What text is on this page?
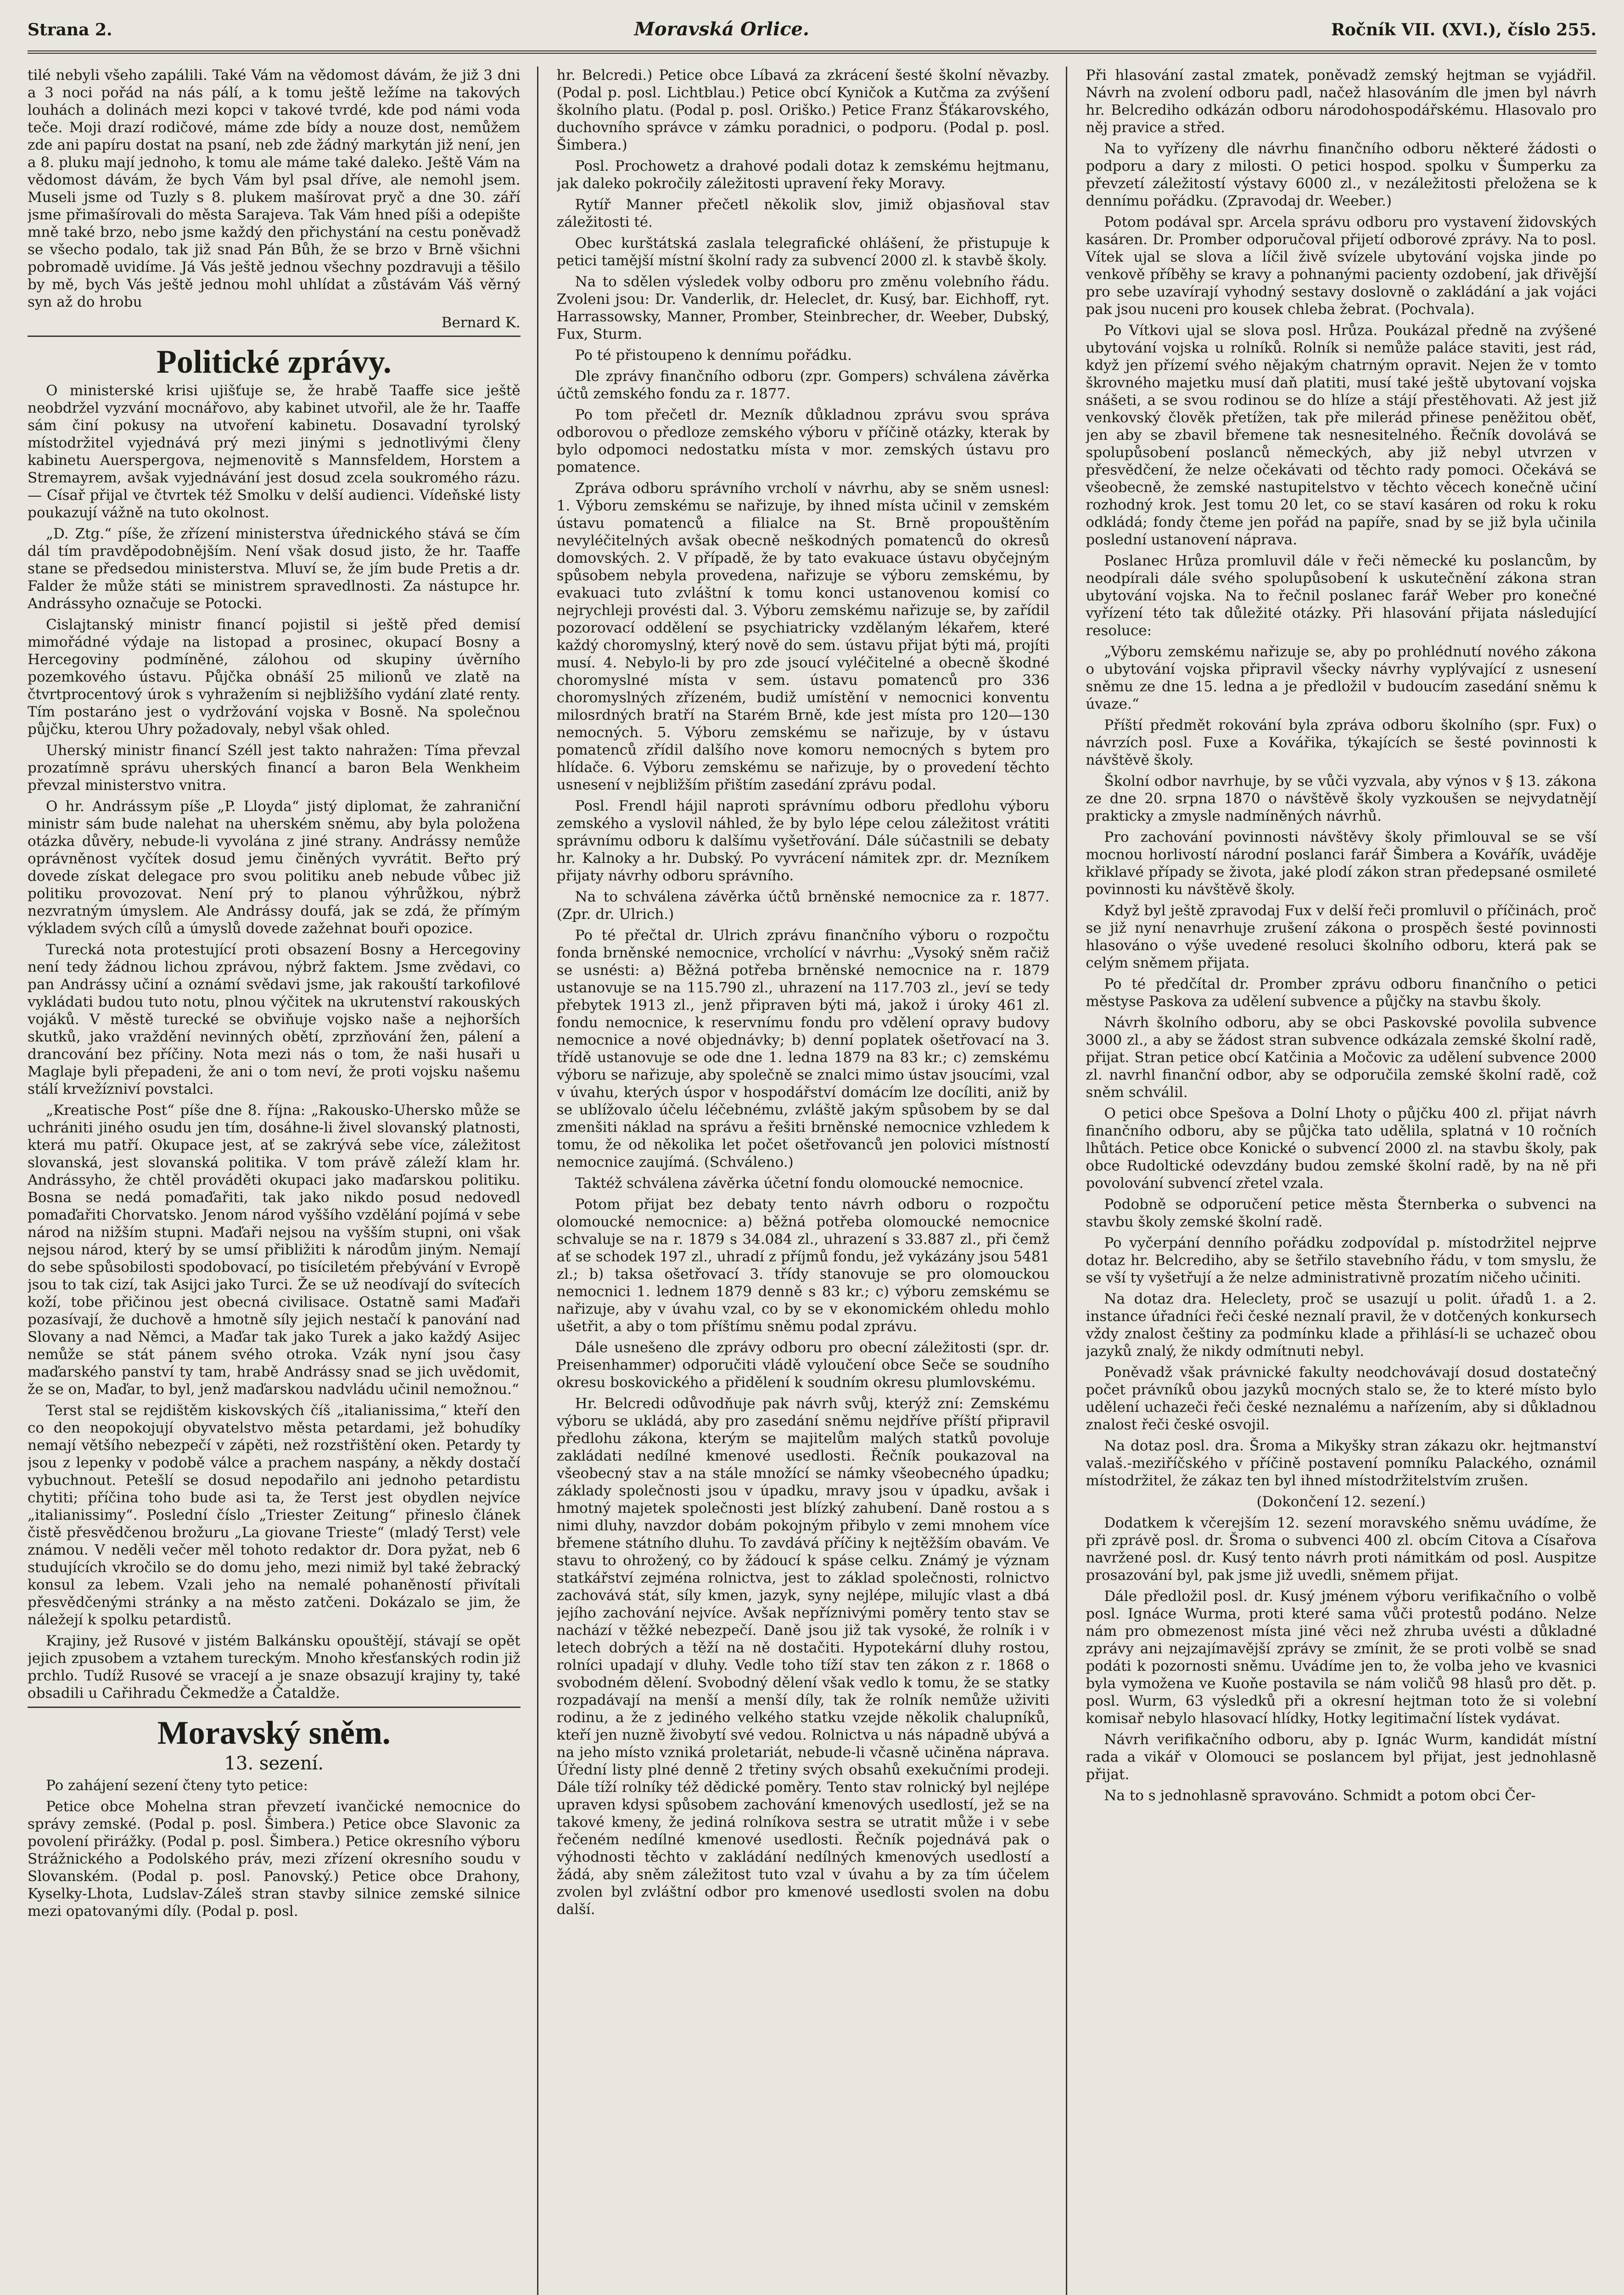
Strana 2.	Moravská Orlice.	Ročník VII. (XVI.), číslo 255.

tilé nebyli všeho zapálili. Také Vám na vědomost dávám, že již 3 dni a 3 noci pořád na nás pálí, a k tomu ještě ležíme na takových louhách a dolinách mezi kopci v takové tvrdé, kde pod námi voda teče. Moji drazí rodičové, máme zde bídy a nouze dost, nemůžem zde ani papíru dostat na psaní, neb zde žádný markytán již není, jen a 8. pluku mají jednoho, k tomu ale máme také daleko. Ještě Vám na vědomost dávám, že bych Vám byl psal dříve, ale nemohl jsem. Museli jsme od Tuzly s 8. plukem mašírovat pryč a dne 30. září jsme přimašírovali do města Sarajeva. Tak Vám hned píši a odepište mně také brzo, nebo jsme každý den přichystání na cestu poněvadž se všecho podalo, tak již snad Pán Bůh, že se brzo v Brně všichni pobromadě uvidíme. Já Vás ještě jednou všechny pozdravuji a těšilo by mě, bych Vás ještě jednou mohl uhlídat a zůstávám Váš věrný syn až do hrobu

Bernard K.

Politické zprávy.

O ministerské krisi ujišťuje se, že hrabě Taaffe sice ještě neobdržel vyzvání mocnářovo, aby kabinet utvořil, ale že hr. Taaffe sám činí pokusy na utvoření kabinetu. Dosavadní tyrolský místodržitel vyjednává prý mezi jinými s jednotlivými členy kabinetu Auerspergova, nejmenovitě s Mannsfeldem, Horstem a Stremayrem, avšak vyjednávání jest dosud zcela soukromého rázu. — Císař přijal ve čtvrtek též Smolku v delší audienci. Vídeňské listy poukazují vážně na tuto okolnost.

„D. Ztg.“ píše, že zřízení ministerstva úřednického stává se čím dál tím pravděpodobnějším. Není však dosud jisto, že hr. Taaffe stane se předsedou ministerstva. Mluví se, že jím bude Pretis a dr. Falder že může státi se ministrem spravedlnosti. Za nástupce hr. Andrássyho označuje se Potocki.

Cislajtanský ministr financí pojistil si ještě před demisí mimořádné výdaje na listopad a prosinec, okupací Bosny a Hercegoviny podmíněné, zálohou od skupiny úvěrního pozemkového ústavu. Půjčka obnáší 25 milionů ve zlatě na čtvrtprocentový úrok s vyhražením si nejbližšího vydání zlaté renty. Tím postaráno jest o vydržování vojska v Bosně. Na společnou půjčku, kterou Uhry požadovaly, nebyl však ohled.

Uherský ministr financí Széll jest takto nahražen: Tíma převzal prozatímně správu uherských financí a baron Bela Wenkheim převzal ministerstvo vnitra.

O hr. Andrássym píše „P. Lloyda“ jistý diplomat, že zahraniční ministr sám bude nalehat na uherském sněmu, aby byla položena otázka důvěry, nebude-li vyvolána z jiné strany. Andrássy nemůže oprávněnost vyčítek dosud jemu činěných vyvrátit. Beřto prý dovede získat delegace pro svou politiku aneb nebude vůbec již politiku provozovat. Není prý to planou výhrůžkou, nýbrž nezvratným úmyslem. Ale Andrássy doufá, jak se zdá, že přímým výkladem svých cílů a úmyslů dovede zažehnat bouři opozice.

Turecká nota protestující proti obsazení Bosny a Hercegoviny není tedy žádnou lichou zprávou, nýbrž faktem. Jsme zvědavi, co pan Andrássy učiní a oznámí svědavi jsme, jak rakouští tarkofilové vykládati budou tuto notu, plnou výčitek na ukrutenství rakouských vojáků. V městě turecké se obviňuje vojsko naše a nejhorších skutků, jako vraždění nevinných obětí, zprzňování žen, pálení a drancování bez příčiny. Nota mezi nás o tom, že naši husaři u Maglaje byli přepadeni, že ani o tom neví, že proti vojsku našemu stálí krvežízniví povstalci.

„Kreatische Post“ píše dne 8. října: „Rakousko-Uhersko může se uchrániti jiného osudu jen tím, dosáhne-li živel slovanský platnosti, která mu patří. Okupace jest, ať se zakrývá sebe více, záležitost slovanská, jest slovanská politika. V tom právě záleží klam hr. Andrássyho, že chtěl prováděti okupaci jako maďarskou politiku. Bosna se nedá pomaďařiti, tak jako nikdo posud nedovedl pomaďařiti Chorvatsko. Jenom národ vyššího vzdělání pojímá v sebe národ na nižším stupni. Maďaři nejsou na vyšším stupni, oni však nejsou národ, který by se umsí přibližiti k národům jiným. Nemají do sebe spůsobilosti spodobovací, po tisíciletém přebývání v Evropě jsou to tak cizí, tak Asijci jako Turci. Že se už neodívají do svítecích koží, tobe přičinou jest obecná civilisace. Ostatně sami Maďaři pozasívají, že duchově a hmotně síly jejich nestačí k panování nad Slovany a nad Němci, a Maďar tak jako Turek a jako každý Asijec nemůže se stát pánem svého otroka. Vzák nyní jsou časy maďarského panství ty tam, hrabě Andrássy snad se jich uvědomit, že se on, Maďar, to byl, jenž maďarskou nadvládu učinil nemožnou.“

Terst stal se rejdištěm kiskovských číš „italianissima,“ kteří den co den neopokojují obyvatelstvo města petardami, jež bohudíky nemají většího nebezpečí v zápěti, než rozstřištění oken. Petardy ty jsou z lepenky v podobě válce a prachem naspány, a někdy dostačí vybuchnout. Petešlí se dosud nepodařilo ani jednoho petardistu chytiti; příčina toho bude asi ta, že Terst jest obydlen nejvíce „italianissimy“. Poslední číslo „Triester Zeitung“ přineslo článek čistě přesvědčenou brožuru „La giovane Trieste“ (mladý Terst) vele známou. V neděli večer měl tohoto redaktor dr. Dora pyžat, neb 6 studujících vkročilo se do domu jeho, mezi nimiž byl také žebracký konsul za lebem. Vzali jeho na nemalé pohaněností přivítali přesvědčenými stránky a na město zatčeni. Dokázalo se jim, že náležejí k spolku petardistů.

Krajiny, jež Rusové v jistém Balkánsku opouštějí, stávají se opět jejich zpusobem a vztahem tureckým. Mnoho křesťanských rodin již prchlo. Tudíž Rusové se vracejí a je snaze obsazují krajiny ty, také obsadili u Cařihradu Čekmedže a Čataldže.

Moravský sněm.
13. sezení.

Po zahájení sezení čteny tyto petice:

Petice obce Mohelna stran převzetí ivančické nemocnice do správy zemské. (Podal p. posl. Šimbera.) Petice obce Slavonic za povolení přirážky. (Podal p. posl. Šimbera.) Petice okresního výboru Strážnického a Podolského práv, mezi zřízení okresního soudu v Slovanském. (Podal p. posl. Panovský.) Petice obce Drahony, Kyselky-Lhota, Ludslav-Záleš stran stavby silnice zemské silnice mezi opatovanými díly. (Podal p. posl.

hr. Belcredi.) Petice obce Líbavá za zkrácení šesté školní něvazby. (Podal p. posl. Lichtblau.) Petice obcí Kyničok a Kutčma za zvýšení školního platu. (Podal p. posl. Oriško.) Petice Franz Šťákarovského, duchovního správce v zámku poradnici, o podporu. (Podal p. posl. Šimbera.)

Posl. Prochowetz a drahové podali dotaz k zemskému hejtmanu, jak daleko pokročily záležitosti upravení řeky Moravy.

Rytíř Manner přečetl několik slov, jimiž objasňoval stav záležitosti té.

Obec kurštátská zaslala telegrafické ohlášení, že přistupuje k petici tamější místní školní rady za subvencí 2000 zl. k stavbě školy.

Na to sdělen výsledek volby odboru pro změnu volebního řádu. Zvoleni jsou: Dr. Vanderlik, dr. Heleclet, dr. Kusý, bar. Eichhoff, ryt. Harrassowsky, Manner, Promber, Steinbrecher, dr. Weeber, Dubský, Fux, Sturm.

Po té přistoupeno k dennímu pořádku.

Dle zprávy finančního odboru (zpr. Gompers) schválena závěrka účtů zemského fondu za r. 1877.

Po tom přečetl dr. Mezník důkladnou zprávu svou správa odborovou o předloze zemského výboru v příčině otázky, kterak by bylo odpomoci nedostatku místa v mor. zemských ústavu pro pomatence.

Zpráva odboru správního vrcholí v návrhu, aby se sněm usnesl: 1. Výboru zemskému se nařizuje, by ihned místa učinil v zemském ústavu pomatenců a filialce na St. Brně propouštěním nevyléčitelných avšak obecně neškodných pomatenců do okresů domovských. 2. V případě, že by tato evakuace ústavu obyčejným spůsobem nebyla provedena, nařizuje se výboru zemskému, by evakuaci tuto zvláštní k tomu konci ustanovenou komisí co nejrychleji provésti dal. 3. Výboru zemskému nařizuje se, by zařídil pozorovací oddělení se psychiatricky vzdělaným lékařem, které každý choromyslný, který nově do sem. ústavu přijat býti má, projíti musí. 4. Nebylo-li by pro zde jsoucí vyléčitelné a obecně škodné choromyslné místa v sem. ústavu pomatenců pro 336 choromyslných zřízeném, budiž umístění v nemocnici konventu milosrdných bratří na Starém Brně, kde jest místa pro 120—130 nemocných. 5. Výboru zemskému se nařizuje, by v ústavu pomatenců zřídil dalšího nove komoru nemocných s bytem pro hlídače. 6. Výboru zemskému se nařizuje, by o provedení těchto usnesení v nejbližším přištím zasedání zprávu podal.

Posl. Frendl hájil naproti správnímu odboru předlohu výboru zemského a vyslovil náhled, že by bylo lépe celou záležitost vrátiti správnímu odboru k dalšímu vyšetřování. Dále súčastnili se debaty hr. Kalnoky a hr. Dubský. Po vyvrácení námitek zpr. dr. Mezníkem přijaty návrhy odboru správního.

Na to schválena závěrka účtů brněnské nemocnice za r. 1877. (Zpr. dr. Ulrich.)

Po té přečtal dr. Ulrich zprávu finančního výboru o rozpočtu fonda brněnské nemocnice, vrcholící v návrhu: „Vysoký sněm račiž se usnésti: a) Běžná potřeba brněnské nemocnice na r. 1879 ustanovuje se na 115.790 zl., uhrazení na 117.703 zl., jeví se tedy přebytek 1913 zl., jenž připraven býti má, jakož i úroky 461 zl. fondu nemocnice, k reservnímu fondu pro vdělení opravy budovy nemocnice a nové objednávky; b) denní poplatek ošetřovací na 3. třídě ustanovuje se ode dne 1. ledna 1879 na 83 kr.; c) zemskému výboru se nařizuje, aby společně se znalci mimo ústav jsoucími, vzal v úvahu, kterých úspor v hospodářství domácím lze docíliti, aniž by se ublížovalo účelu léčebnému, zvláště jakým spůsobem by se dal zmenšiti náklad na správu a řešiti brněnské nemocnice vzhledem k tomu, že od několika let počet ošetřovanců jen polovici místností nemocnice zaujímá. (Schváleno.)

Taktéž schválena závěrka účetní fondu olomoucké nemocnice.

Potom přijat bez debaty tento návrh odboru o rozpočtu olomoucké nemocnice: a) běžná potřeba olomoucké nemocnice schvaluje se na r. 1879 s 34.084 zl., uhrazení s 33.887 zl., při čemž ať se schodek 197 zl., uhradí z příjmů fondu, jež vykázány jsou 5481 zl.; b) taksa ošetřovací 3. třídy stanovuje se pro olomouckou nemocnici 1. lednem 1879 denně s 83 kr.; c) výboru zemskému se nařizuje, aby v úvahu vzal, co by se v ekonomickém ohledu mohlo ušetřit, a aby o tom příštímu sněmu podal zprávu.

Dále usnešeno dle zprávy odboru pro obecní záležitosti (spr. dr. Preisenhammer) odporučiti vládě vyloučení obce Seče se soudního okresu boskovického a přidělení k soudním okresu plumlovskému.

Hr. Belcredi odůvodňuje pak návrh svůj, kterýž zní: Zemskému výboru se ukládá, aby pro zasedání sněmu nejdříve příští připravil předlohu zákona, kterým se majitelům malých statků povoluje zakládati nedílné kmenové usedlosti. Řečník poukazoval na všeobecný stav a na stále množící se námky všeobecného úpadku; základy společnosti jsou v úpadku, mravy jsou v úpadku, avšak i hmotný majetek společnosti jest blízký zahubení. Daně rostou a s nimi dluhy, navzdor dobám pokojným přibylo v zemi mnohem více břemene státního dluhu. To zavdává příčiny k nejtěžším obavám. Ve stavu to ohrožený, co by žádoucí k spáse celku. Známý je význam statkářství zejména rolnictva, jest to základ společnosti, rolnictvo zachovává stát, síly kmen, jazyk, syny nejlépe, milujíc vlast a dbá jejího zachování nejvíce. Avšak nepříznivými poměry tento stav se nachází v těžké nebezpečí. Daně jsou již tak vysoké, že rolník i v letech dobrých a těží na ně dostačiti. Hypotekární dluhy rostou, rolníci upadají v dluhy. Vedle toho tíží stav ten zákon z r. 1868 o svobodném dělení. Svobodný dělení však vedlo k tomu, že se statky rozpadávají na menší a menší díly, tak že rolník nemůže uživiti rodinu, a že z jediného velkého statku vzejde několik chalupníků, kteří jen nuzně živobytí své vedou. Rolnictva u nás nápadně ubývá a na jeho místo vzniká proletariát, nebude-li včasně učiněna náprava. Úřední listy plné denně 2 třetiny svých obsahů exekučními prodeji. Dále tíží rolníky též dědické poměry. Tento stav rolnický byl nejlépe upraven kdysi spůsobem zachování kmenových usedlostí, jež se na takové kmeny, že jediná rolníkova sestra se utratit může i v sebe řečeném nedílné kmenové usedlosti. Řečník pojednává pak o výhodnosti těchto v zakládání nedílných kmenových usedlostí a žádá, aby sněm záležitost tuto vzal v úvahu a by za tím účelem zvolen byl zvláštní odbor pro kmenové usedlosti svolen na dobu další.

Při hlasování zastal zmatek, poněvadž zemský hejtman se vyjádřil. Návrh na zvolení odboru padl, načež hlasováním dle jmen byl návrh hr. Belcrediho odkázán odboru národohospodářskému. Hlasovalo pro něj pravice a střed.

Na to vyřízeny dle návrhu finančního odboru některé žádosti o podporu a dary z milosti. O petici hospod. spolku v Šumperku za převzetí záležitostí výstavy 6000 zl., v nezáležitosti přeložena se k dennímu pořádku. (Zpravodaj dr. Weeber.)

Potom podával spr. Arcela správu odboru pro vystavení židovských kasáren. Dr. Promber odporučoval přijetí odborové zprávy. Na to posl. Vítek ujal se slova a líčil živě svízele ubytování vojska jinde po venkově příběhy se kravy a pohnanými pacienty ozdobení, jak dřivější pro sebe uzavírají vyhodný sestavy doslovně o zakládání a jak vojáci pak jsou nuceni pro kousek chleba žebrat. (Pochvala).

Po Vítkovi ujal se slova posl. Hrůza. Poukázal předně na zvýšené ubytování vojska u rolníků. Rolník si nemůže paláce staviti, jest rád, když jen přízemí svého nějakým chatrným opravit. Nejen že v tomto škrovného majetku musí daň platiti, musí také ještě ubytovaní vojska snášeti, a se svou rodinou se do hlíze a stájí přestěhovati. Až jest již venkovský člověk přetížen, tak pře milerád přinese peněžitou oběť, jen aby se zbavil břemene tak nesnesitelného. Řečník dovolává se spolupůsobení poslanců německých, aby již nebyl utvrzen v přesvědčení, že nelze očekávati od těchto rady pomoci. Očekává se všeobecně, že zemské nastupitelstvo v těchto věcech konečně učiní rozhodný krok. Jest tomu 20 let, co se staví kasáren od roku k roku odkládá; fondy čteme jen pořád na papíře, snad by se již byla učinila poslední ustanovení náprava.

Poslanec Hrůza promluvil dále v řeči německé ku poslancům, by neodpírali dále svého spolupůsobení k uskutečnění zákona stran ubytování vojska. Na to řečnil poslanec farář Weber pro konečné vyřízení této tak důležité otázky. Při hlasování přijata následující resoluce:

„Výboru zemskému nařizuje se, aby po prohlédnutí nového zákona o ubytování vojska připravil všecky návrhy vyplývající z usnesení sněmu ze dne 15. ledna a je předložil v budoucím zasedání sněmu k úvaze.“

Příští předmět rokování byla zpráva odboru školního (spr. Fux) o návrzích posl. Fuxe a Kovářika, týkajících se šesté povinnosti k návštěvě školy.

Školní odbor navrhuje, by se vůči vyzvala, aby výnos v § 13. zákona ze dne 20. srpna 1870 o návštěvě školy vyzkoušen se nejvydatnějí prakticky a zmysle nadmíněných návrhů.

Pro zachování povinnosti návštěvy školy přimlouval se se vší mocnou horlivostí národní poslanci farář Šimbera a Kovářík, uváděje křiklavé případy se života, jaké plodí zákon stran předepsané osmileté povinnosti ku návštěvě školy.

Když byl ještě zpravodaj Fux v delší řeči promluvil o příčinách, proč se již nyní nenavrhuje zrušení zákona o prospěch šesté povinnosti hlasováno o výše uvedené resoluci školního odboru, která pak se celým sněmem přijata.

Po té předčítal dr. Promber zprávu odboru finančního o petici městyse Paskova za udělení subvence a půjčky na stavbu školy.

Návrh školního odboru, aby se obci Paskovské povolila subvence 3000 zl., a aby se žádost stran subvence odkázala zemské školní radě, přijat. Stran petice obcí Katčinia a Močovic za udělení subvence 2000 zl. navrhl finanční odbor, aby se odporučila zemské školní radě, což sněm schválil.

O petici obce Spešova a Dolní Lhoty o půjčku 400 zl. přijat návrh finančního odboru, aby se půjčka tato udělila, splatná v 10 ročních lhůtách. Petice obce Konické o subvencí 2000 zl. na stavbu školy, pak obce Rudoltické odevzdány budou zemské školní radě, by na ně při povolování subvencí zřetel vzala.

Podobně se odporučení petice města Šternberka o subvenci na stavbu školy zemské školní radě.

Po vyčerpání denního pořádku zodpovídal p. místodržitel nejprve dotaz hr. Belcrediho, aby se šetřilo stavebního řádu, v tom smyslu, že se vší ty vyšetřují a že nelze administrativně prozatím ničeho učiniti.

Na dotaz dra. Heleclety, proč se usazují u polit. úřadů 1. a 2. instance úřadníci řeči české neznalí pravil, že v dotčených konkursech vždy znalost češtiny za podmínku klade a přihlásí-li se uchazeč obou jazyků znalý, že nikdy odmítnuti nebyl.

Poněvadž však právnické fakulty neodchovávají dosud dostatečný počet právníků obou jazyků mocných stalo se, že to které místo bylo udělení uchazeči řeči české neznalému a nařízením, aby si důkladnou znalost řeči české osvojil.

Na dotaz posl. dra. Šroma a Mikyšky stran zákazu okr. hejtmanství valaš.-meziříčského v příčině postavení pomníku Palackého, oznámil místodržitel, že zákaz ten byl ihned místodržitelstvím zrušen.

(Dokončení 12. sezení.)

Dodatkem k včerejším 12. sezení moravského sněmu uvádíme, že při zprávě posl. dr. Šroma o subvenci 400 zl. obcím Citova a Císařova navržené posl. dr. Kusý tento návrh proti námitkám od posl. Auspitze prosazování byl, pak jsme již uvedli, sněmem přijat.

Dále předložil posl. dr. Kusý jménem výboru verifikačního o volbě posl. Ignáce Wurma, proti které sama vůči protestů podáno. Nelze nám pro obmezenost místa jiné věci než zhruba uvésti a důkladné zprávy ani nejzajímavější zprávy se zmínit, že se proti volbě se snad podáti k pozornosti sněmu. Uvádíme jen to, že volba jeho ve kvasnici byla vymožena ve Kuoňe postavila se nám voličů 98 hlasů pro dět. p. posl. Wurm, 63 výsledků při a okresní hejtman toto že si volební komisař nebylo hlasovací hlídky, Hotky legitimační lístek vydávat.

Návrh verifikačního odboru, aby p. Ignác Wurm, kandidát místní rada a vikář v Olomouci se poslancem byl přijat, jest jednohlasně přijat.

Na to s jednohlasně spravováno. Schmidt a potom obci Čer-
